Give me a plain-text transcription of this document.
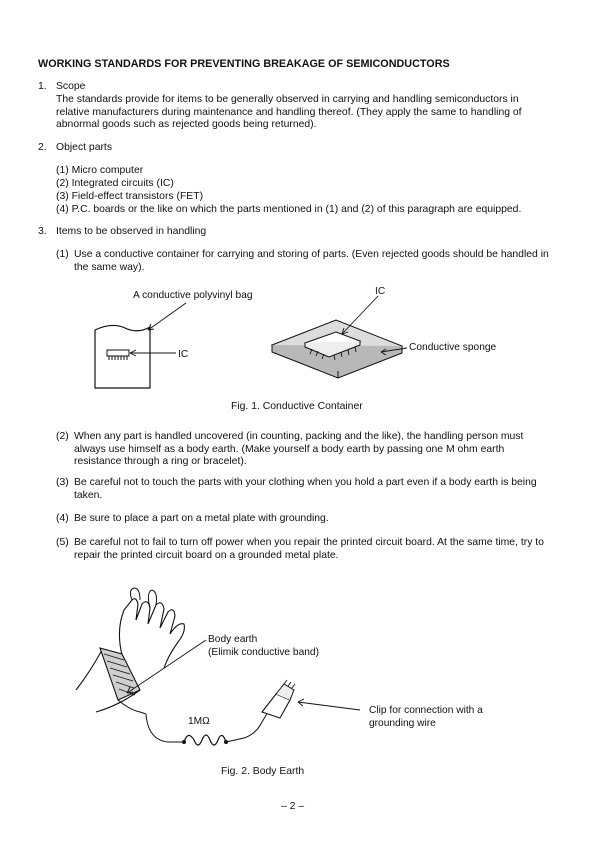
WORKING STANDARDS FOR PREVENTING BREAKAGE OF SEMICONDUCTORS
1. Scope
The standards provide for items to be generally observed in carrying and handling semiconductors in relative manufacturers during maintenance and handling thereof. (They apply the same to handling of abnormal goods such as rejected goods being returned).
2. Object parts
(1) Micro computer
(2) Integrated circuits (IC)
(3) Field-effect transistors (FET)
(4) P.C. boards or the like on which the parts mentioned in (1) and (2) of this paragraph are equipped.
3. Items to be observed in handling
(1) Use a conductive container for carrying and storing of parts. (Even rejected goods should be handled in the same way).
A conductive polyvinyl bag	IC
IC
Conductive sponge
Fig. 1. Conductive Container
(2) When any part is handled uncovered (in counting, packing and the like), the handling person must always use himself as a body earth. (Make yourself a body earth by passing one M ohm earth resistance through a ring or bracelet).
(3) Be careful not to touch the parts with your clothing when you hold a part even if a body earth is being taken.
(4) Be sure to place a part on a metal plate with grounding.
(5) Be careful not to fail to turn off power when you repair the printed circuit board. At the same time, try to repair the printed circuit board on a grounded metal plate.
Body earth
(Elimik conductive band)
1MΩ
Clip for connection with a
grounding wire
Fig. 2. Body Earth
– 2 –
